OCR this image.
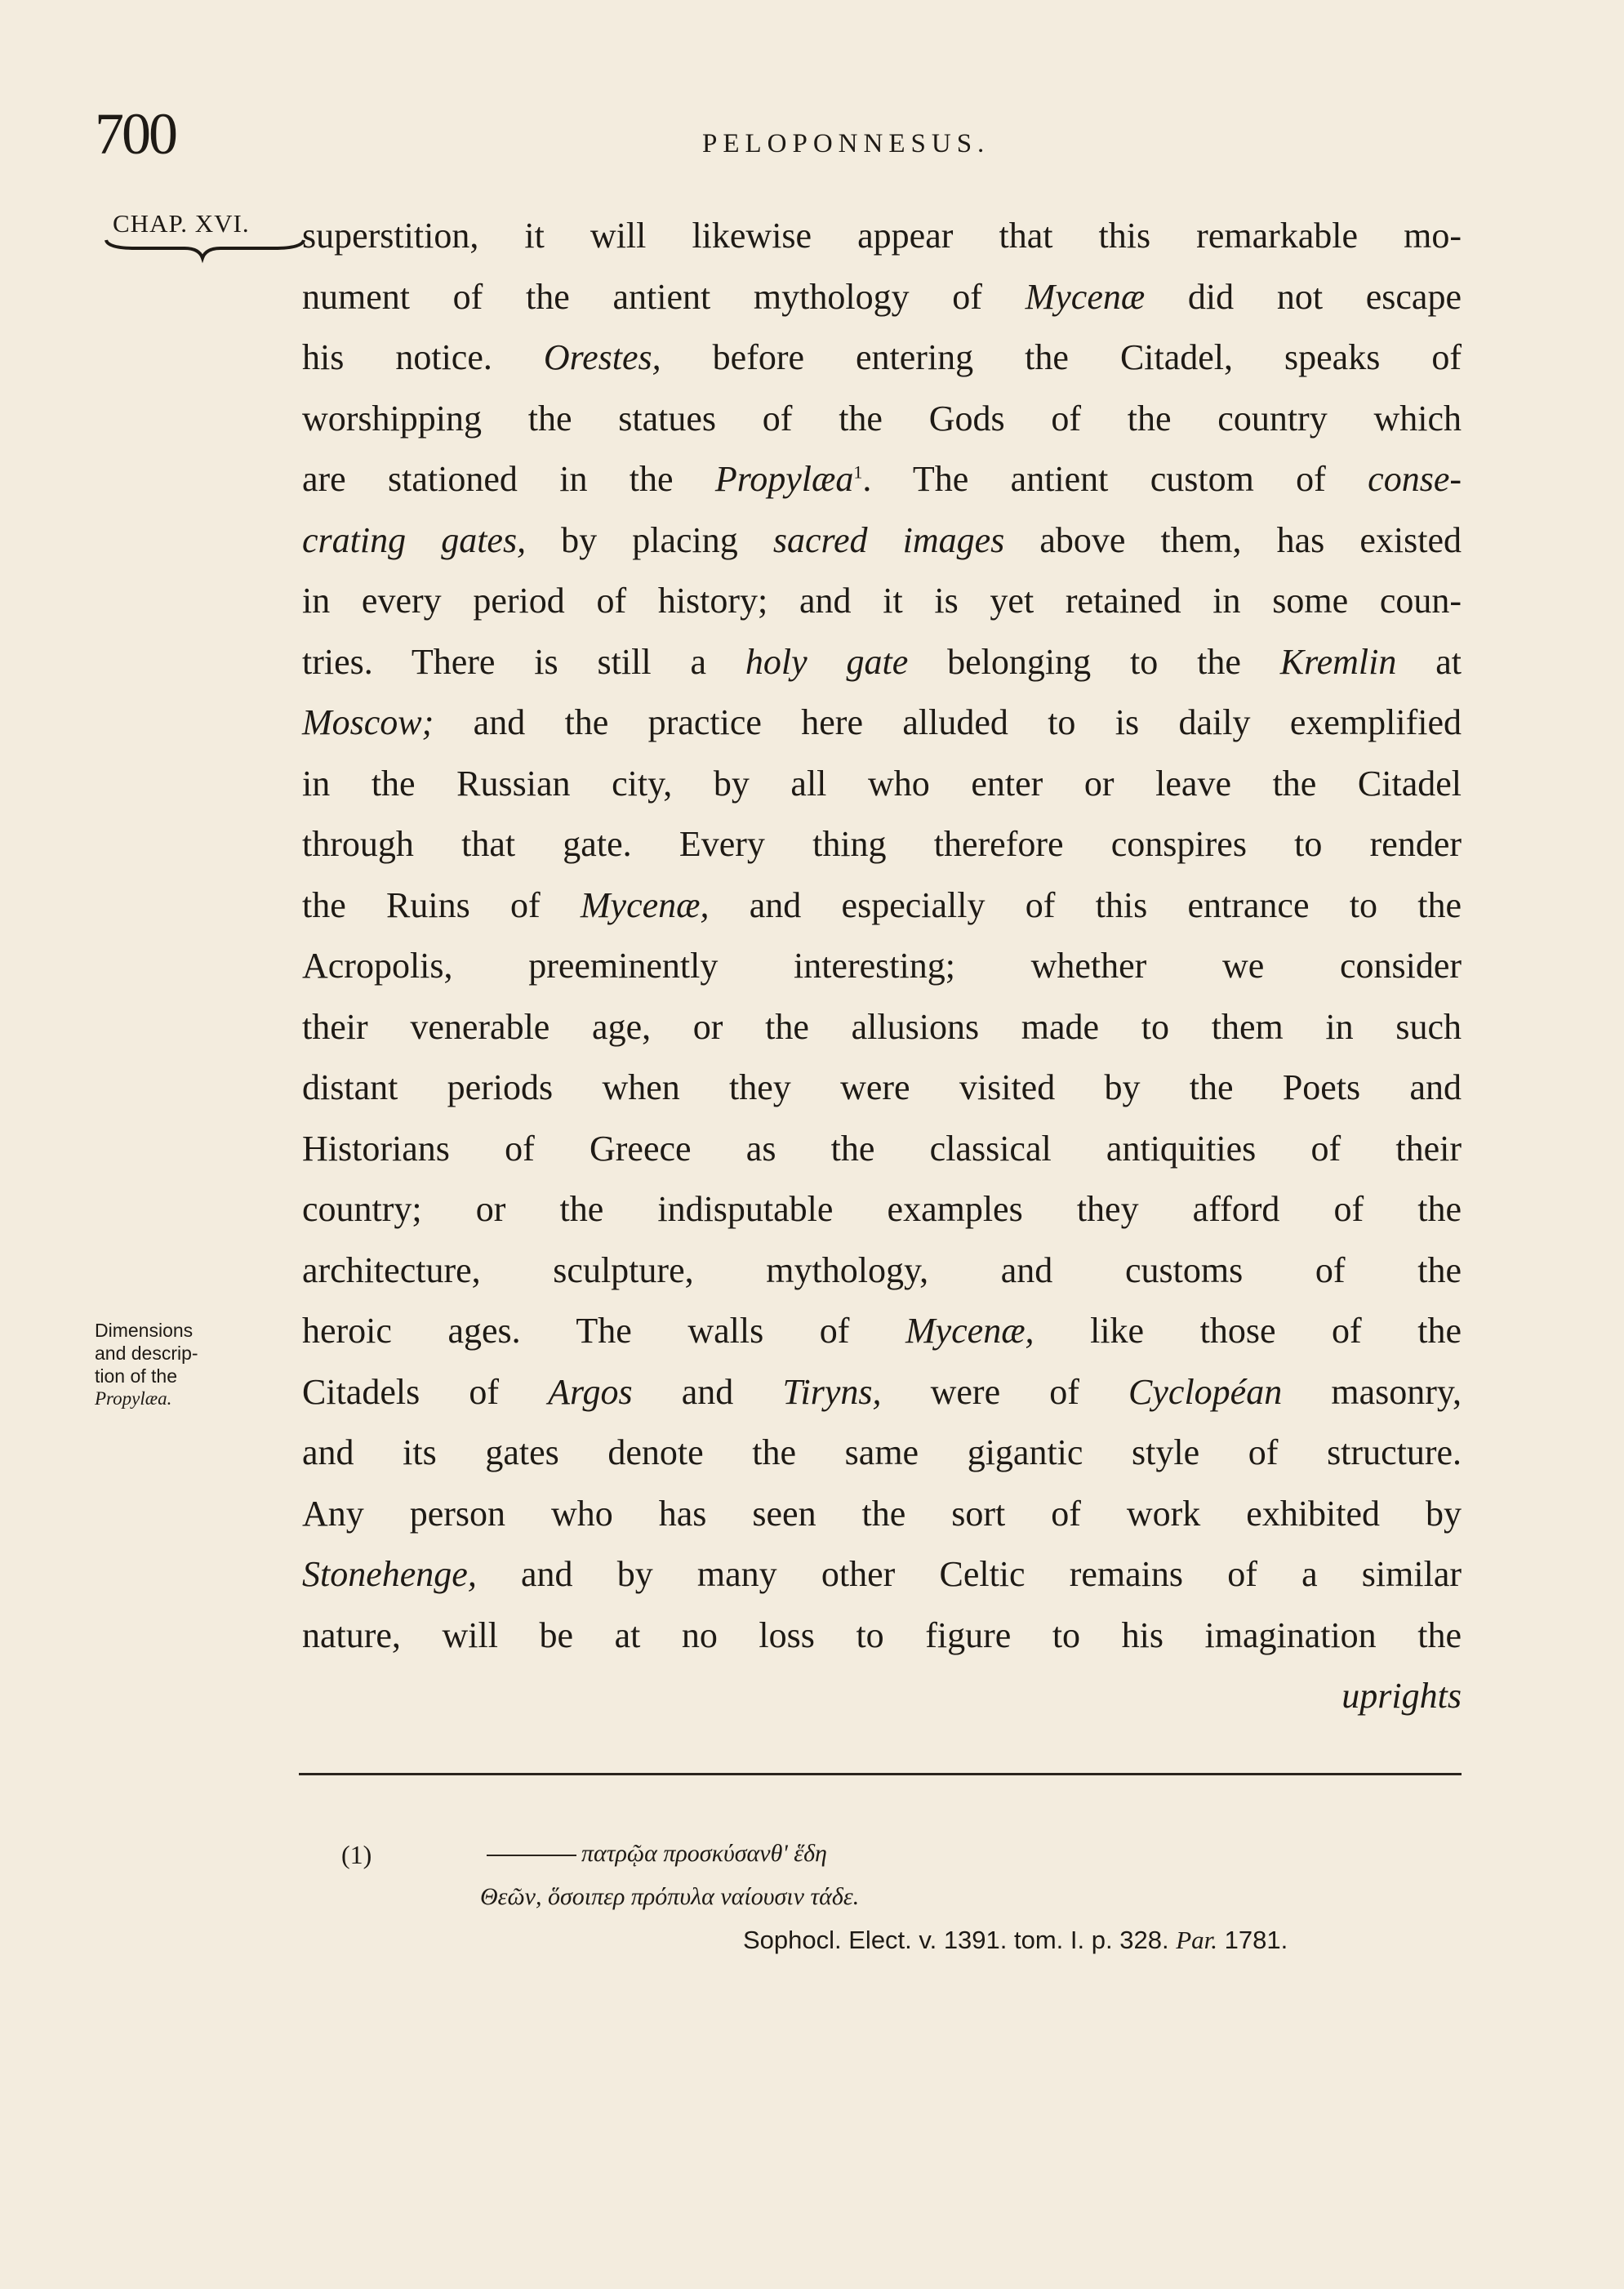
700	PELOPONNESUS.
CHAP. XVI. superstition, it will likewise appear that this remarkable mo-
nument of the antient mythology of Mycenæ did not escape
his notice. Orestes, before entering the Citadel, speaks of
worshipping the statues of the Gods of the country which
are stationed in the Propylæa$^1$. The antient custom of conse-
crating gates, by placing sacred images above them, has existed
in every period of history; and it is yet retained in some coun-
tries. There is still a holy gate belonging to the Kremlin at
Moscow; and the practice here alluded to is daily exemplified
in the Russian city, by all who enter or leave the Citadel
through that gate. Every thing therefore conspires to render
the Ruins of Mycenæ, and especially of this entrance to the
Acropolis, preeminently interesting; whether we consider
their venerable age, or the allusions made to them in such
distant periods when they were visited by the Poets and
Historians of Greece as the classical antiquities of their
country; or the indisputable examples they afford of the
architecture, sculpture, mythology, and customs of the
heroic ages. The walls of Mycenæ, like those of the
Citadels of Argos and Tiryns, were of Cyclopéan masonry,
and its gates denote the same gigantic style of structure.
Any person who has seen the sort of work exhibited by
Stonehenge, and by many other Celtic remains of a similar
nature, will be at no loss to figure to his imagination the
uprights
Dimensions
and descrip-
tion of the
Propylæa.
(1)	πατρῷα προσκύσανθ' ἕδη
Θεῶν, ὅσοιπερ πρόπυλα ναίουσιν τάδε.
Sophocl. Elect. v. 1391. tom. I. p. 328. Par. 1781.
